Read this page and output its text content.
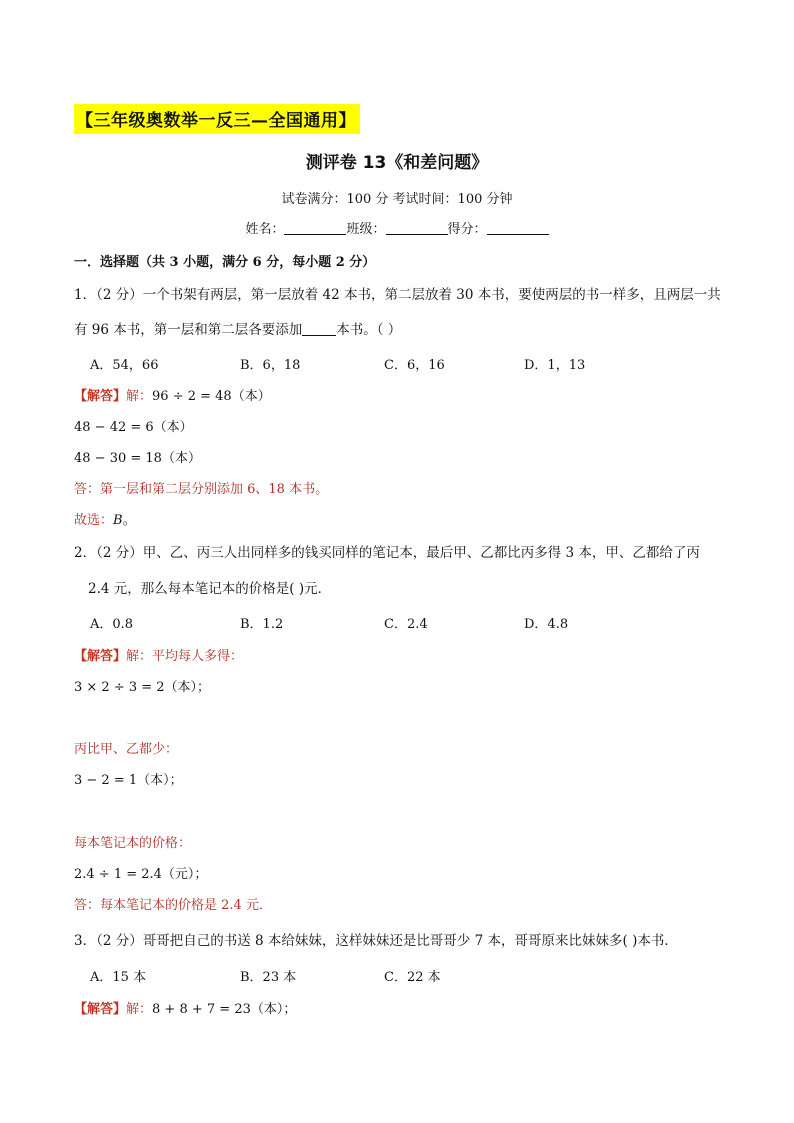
【三年级奥数举一反三—全国通用】
测评卷 13《和差问题》
试卷满分：100 分 考试时间：100 分钟
姓名：	班级：	得分：
一．选择题（共 3 小题，满分 6 分，每小题 2 分）
1．（2 分）一个书架有两层，第一层放着 42 本书，第二层放着 30 本书，要使两层的书一样多，且两层一共
有 96 本书，第一层和第二层各要添加	本书。（ ）
A．54，66	B．6，18	C．6，16	D．1，13
【解答】解：96 ÷ 2 = 48（本）
48 − 42 = 6（本）
48 − 30 = 18（本）
答：第一层和第二层分别添加 6、18 本书。
故选：B。
2．（2 分）甲、乙、丙三人出同样多的钱买同样的笔记本，最后甲、乙都比丙多得 3 本，甲、乙都给了丙
2.4 元，那么每本笔记本的价格是( )元．
A．0.8	B．1.2	C．2.4	D．4.8
【解答】解：平均每人多得：
3 × 2 ÷ 3 = 2（本）；
丙比甲、乙都少：
3 − 2 = 1（本）；
每本笔记本的价格：
2.4 ÷ 1 = 2.4（元）；
答：每本笔记本的价格是 2.4 元．
3．（2 分）哥哥把自己的书送 8 本给妹妹，这样妹妹还是比哥哥少 7 本，哥哥原来比妹妹多( )本书．
A．15 本	B．23 本	C．22 本
【解答】解：8 + 8 + 7 = 23（本）；
